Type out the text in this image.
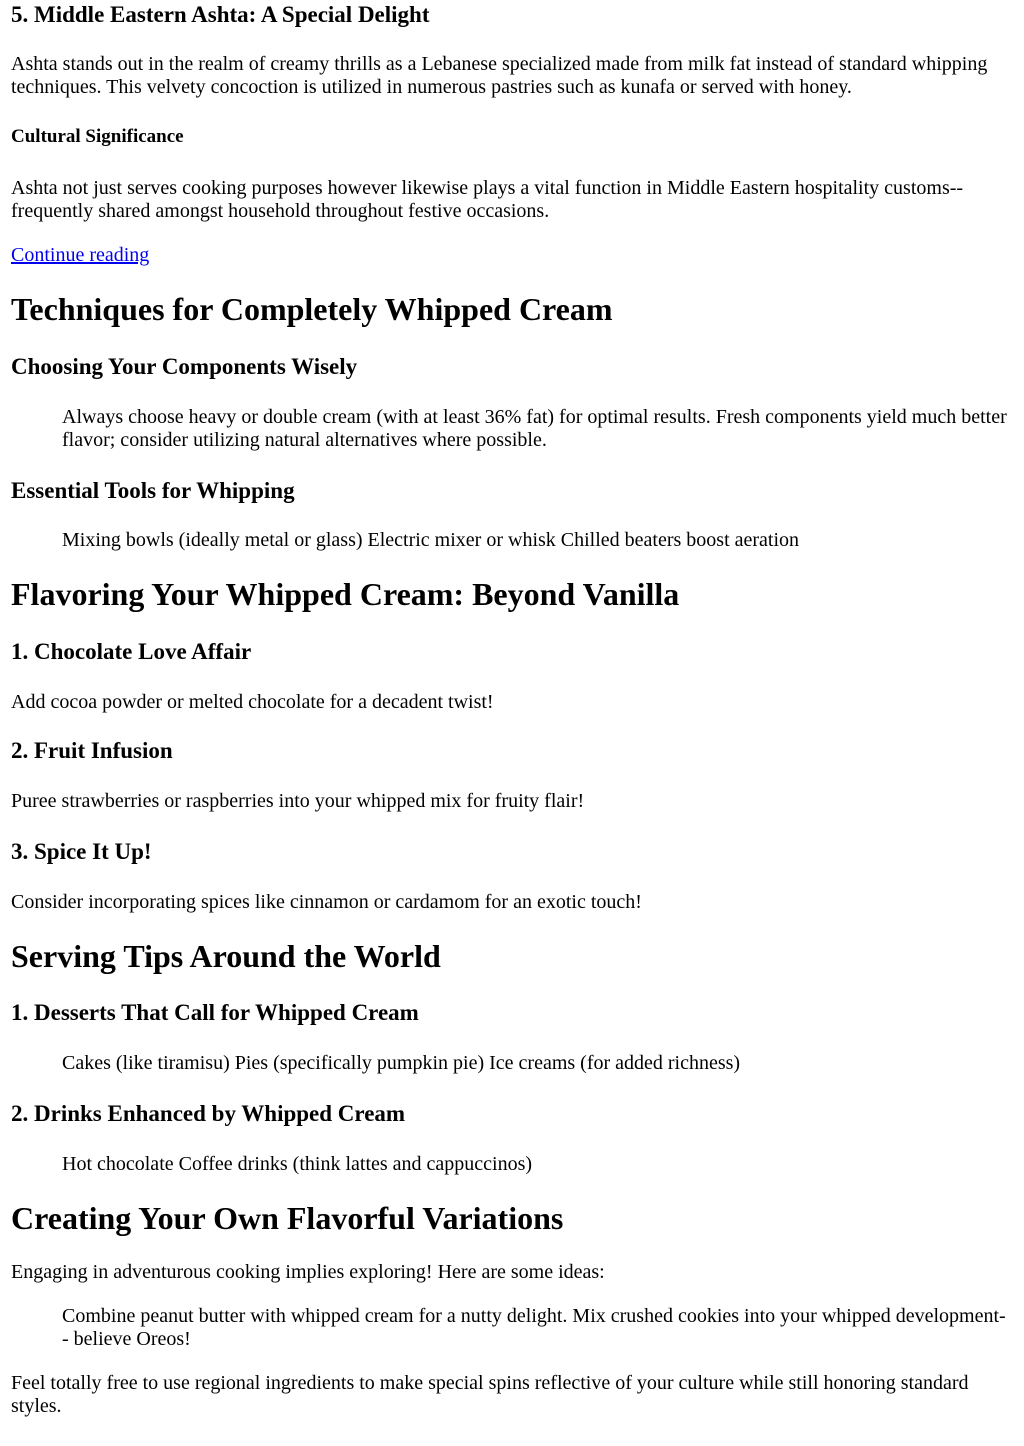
5. Middle Eastern Ashta: A Special Delight

Ashta stands out in the realm of creamy thrills as a Lebanese specialized made from milk fat instead of standard whipping techniques. This velvety concoction is utilized in numerous pastries such as kunafa or served with honey.

Cultural Significance

Ashta not just serves cooking purposes however likewise plays a vital function in Middle Eastern hospitality customs-- frequently shared amongst household throughout festive occasions.

Continue reading
Techniques for Completely Whipped Cream
Choosing Your Components Wisely
Always choose heavy or double cream (with at least 36% fat) for optimal results. Fresh components yield much better flavor; consider utilizing natural alternatives where possible.
Essential Tools for Whipping
Mixing bowls (ideally metal or glass) Electric mixer or whisk Chilled beaters boost aeration
Flavoring Your Whipped Cream: Beyond Vanilla
1. Chocolate Love Affair

Add cocoa powder or melted chocolate for a decadent twist!

2. Fruit Infusion

Puree strawberries or raspberries into your whipped mix for fruity flair!

3. Spice It Up!

Consider incorporating spices like cinnamon or cardamom for an exotic touch!

Serving Tips Around the World
1. Desserts That Call for Whipped Cream
Cakes (like tiramisu) Pies (specifically pumpkin pie) Ice creams (for added richness)
2. Drinks Enhanced by Whipped Cream
Hot chocolate Coffee drinks (think lattes and cappuccinos)
Creating Your Own Flavorful Variations

Engaging in adventurous cooking implies exploring! Here are some ideas:

Combine peanut butter with whipped cream for a nutty delight. Mix crushed cookies into your whipped development-- believe Oreos!

Feel totally free to use regional ingredients to make special spins reflective of your culture while still honoring standard styles.
